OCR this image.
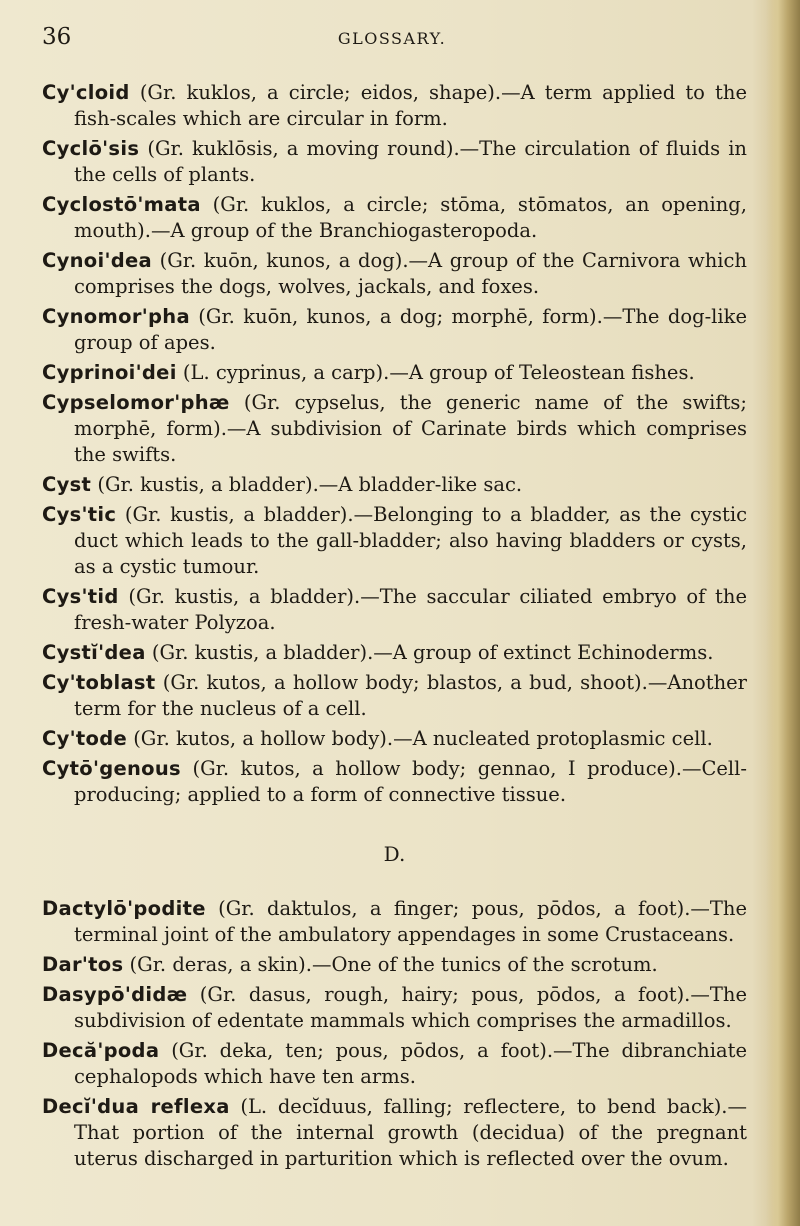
36	GLOSSARY.

Cy'cloid (Gr. kuklos, a circle; eidos, shape).—A term applied to the fish-scales which are circular in form.

Cyclō'sis (Gr. kuklōsis, a moving round).—The circulation of fluids in the cells of plants.

Cyclostō'mata (Gr. kuklos, a circle; stōma, stōmatos, an opening, mouth).—A group of the Branchiogasteropoda.

Cynoi'dea (Gr. kuōn, kunos, a dog).—A group of the Carnivora which comprises the dogs, wolves, jackals, and foxes.

Cynomor'pha (Gr. kuōn, kunos, a dog; morphē, form).—The dog-like group of apes.

Cyprinoi'dei (L. cyprinus, a carp).—A group of Teleostean fishes.

Cypselomor'phæ (Gr. cypselus, the generic name of the swifts; morphē, form).—A subdivision of Carinate birds which comprises the swifts.

Cyst (Gr. kustis, a bladder).—A bladder-like sac.

Cys'tic (Gr. kustis, a bladder).—Belonging to a bladder, as the cystic duct which leads to the gall-bladder; also having bladders or cysts, as a cystic tumour.

Cys'tid (Gr. kustis, a bladder).—The saccular ciliated embryo of the fresh-water Polyzoa.

Cystĭ'dea (Gr. kustis, a bladder).—A group of extinct Echinoderms.

Cy'toblast (Gr. kutos, a hollow body; blastos, a bud, shoot).—Another term for the nucleus of a cell.

Cy'tode (Gr. kutos, a hollow body).—A nucleated protoplasmic cell.

Cytō'genous (Gr. kutos, a hollow body; gennao, I produce).—Cell-producing; applied to a form of connective tissue.

D.

Dactylō'podite (Gr. daktulos, a finger; pous, pōdos, a foot).—The terminal joint of the ambulatory appendages in some Crustaceans.

Dar'tos (Gr. deras, a skin).—One of the tunics of the scrotum.

Dasypō'didæ (Gr. dasus, rough, hairy; pous, pōdos, a foot).—The subdivision of edentate mammals which comprises the armadillos.

Decă'poda (Gr. deka, ten; pous, pōdos, a foot).—The dibranchiate cephalopods which have ten arms.

Decĭ'dua reflexa (L. decĭduus, falling; reflectere, to bend back).—That portion of the internal growth (decidua) of the pregnant uterus discharged in parturition which is reflected over the ovum.
